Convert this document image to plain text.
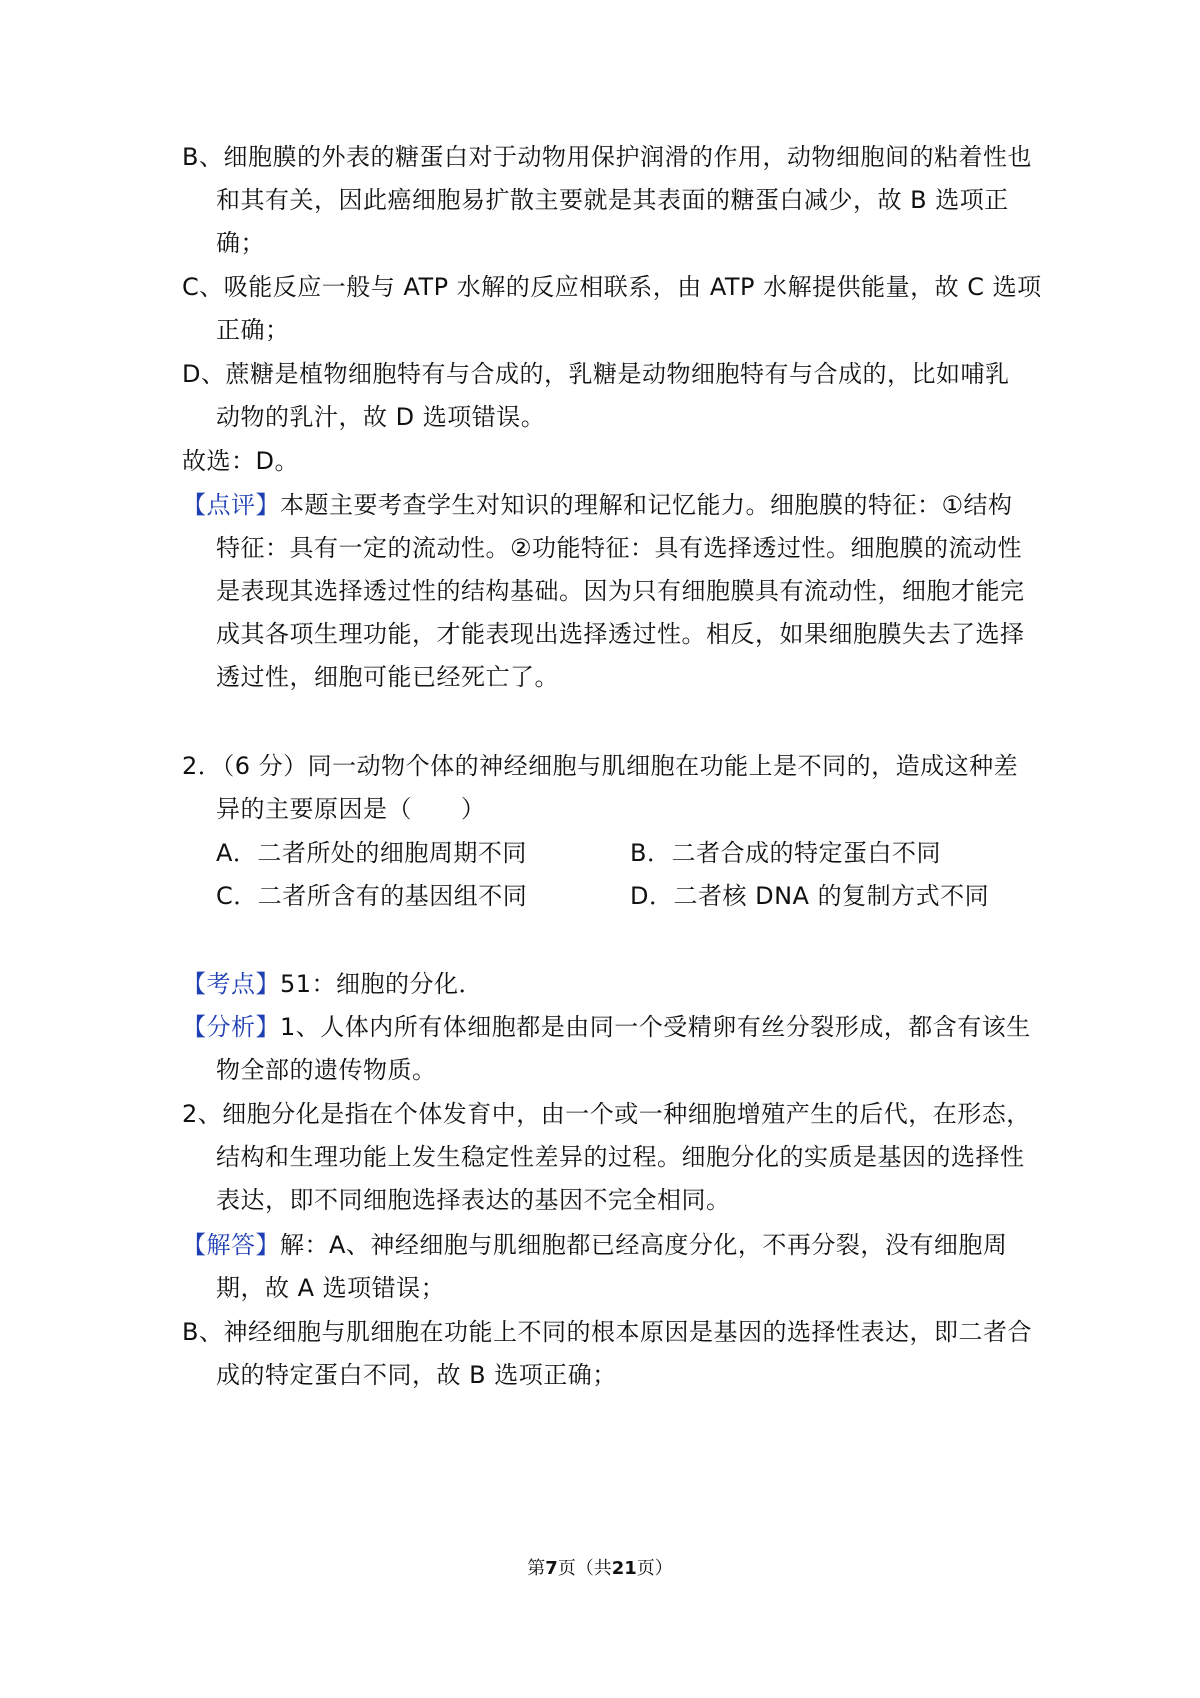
B、细胞膜的外表的糖蛋白对于动物用保护润滑的作用，动物细胞间的粘着性也
和其有关，因此癌细胞易扩散主要就是其表面的糖蛋白减少，故 B 选项正
确；
C、吸能反应一般与 ATP 水解的反应相联系，由 ATP 水解提供能量，故 C 选项
正确；
D、蔗糖是植物细胞特有与合成的，乳糖是动物细胞特有与合成的，比如哺乳
动物的乳汁，故 D 选项错误。
故选：D。
【点评】本题主要考查学生对知识的理解和记忆能力。细胞膜的特征：①结构
特征：具有一定的流动性。②功能特征：具有选择透过性。细胞膜的流动性
是表现其选择透过性的结构基础。因为只有细胞膜具有流动性，细胞才能完
成其各项生理功能，才能表现出选择透过性。相反，如果细胞膜失去了选择
透过性，细胞可能已经死亡了。
2．（6 分）同一动物个体的神经细胞与肌细胞在功能上是不同的，造成这种差
异的主要原因是（　　）
A．二者所处的细胞周期不同	B．二者合成的特定蛋白不同
C．二者所含有的基因组不同	D．二者核 DNA 的复制方式不同
【考点】51：细胞的分化．
【分析】1、人体内所有体细胞都是由同一个受精卵有丝分裂形成，都含有该生
物全部的遗传物质。
2、细胞分化是指在个体发育中，由一个或一种细胞增殖产生的后代，在形态，
结构和生理功能上发生稳定性差异的过程。细胞分化的实质是基因的选择性
表达，即不同细胞选择表达的基因不完全相同。
【解答】解：A、神经细胞与肌细胞都已经高度分化，不再分裂，没有细胞周
期，故 A 选项错误；
B、神经细胞与肌细胞在功能上不同的根本原因是基因的选择性表达，即二者合
成的特定蛋白不同，故 B 选项正确；
第7页（共21页）
